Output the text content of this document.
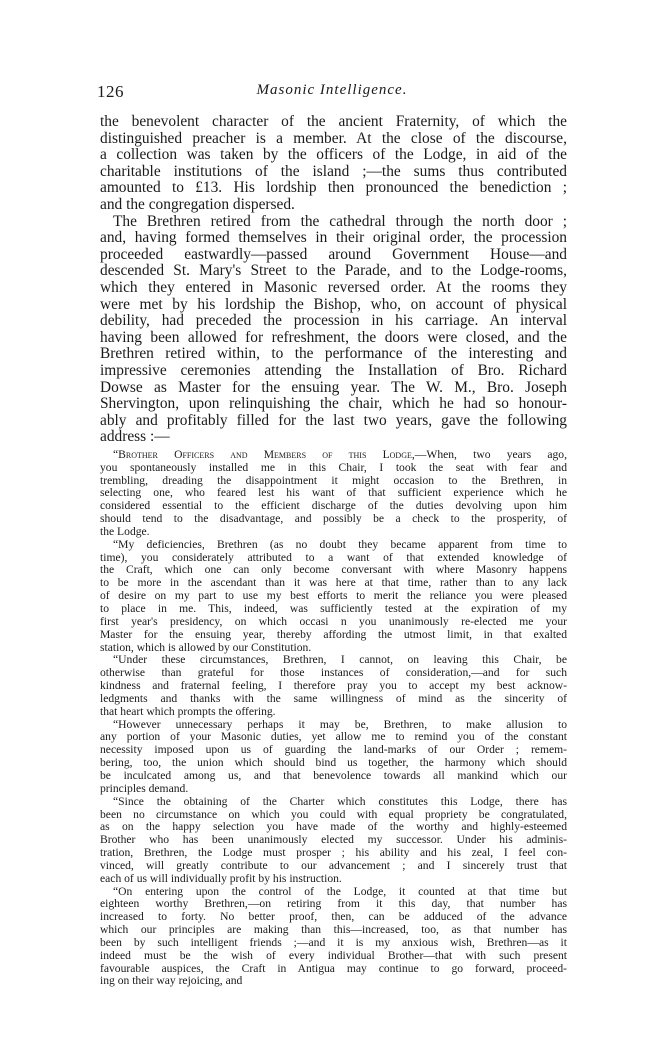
126	Masonic Intelligence.
the benevolent character of the ancient Fraternity, of which the
distinguished preacher is a member. At the close of the discourse,
a collection was taken by the officers of the Lodge, in aid of the
charitable institutions of the island ;—the sums thus contributed
amounted to £13. His lordship then pronounced the benediction ;
and the congregation dispersed.
The Brethren retired from the cathedral through the north door ;
and, having formed themselves in their original order, the procession
proceeded eastwardly—passed around Government House—and
descended St. Mary's Street to the Parade, and to the Lodge-rooms,
which they entered in Masonic reversed order. At the rooms they
were met by his lordship the Bishop, who, on account of physical
debility, had preceded the procession in his carriage. An interval
having been allowed for refreshment, the doors were closed, and the
Brethren retired within, to the performance of the interesting and
impressive ceremonies attending the Installation of Bro. Richard
Dowse as Master for the ensuing year. The W. M., Bro. Joseph
Shervington, upon relinquishing the chair, which he had so honour-
ably and profitably filled for the last two years, gave the following
address :—
“Brother Officers and Members of this Lodge,—When, two years ago,
you spontaneously installed me in this Chair, I took the seat with fear and
trembling, dreading the disappointment it might occasion to the Brethren, in
selecting one, who feared lest his want of that sufficient experience which he
considered essential to the efficient discharge of the duties devolving upon him
should tend to the disadvantage, and possibly be a check to the prosperity, of
the Lodge.
“My deficiencies, Brethren (as no doubt they became apparent from time to
time), you considerately attributed to a want of that extended knowledge of
the Craft, which one can only become conversant with where Masonry happens
to be more in the ascendant than it was here at that time, rather than to any lack
of desire on my part to use my best efforts to merit the reliance you were pleased
to place in me. This, indeed, was sufficiently tested at the expiration of my
first year's presidency, on which occasi n you unanimously re-elected me your
Master for the ensuing year, thereby affording the utmost limit, in that exalted
station, which is allowed by our Constitution.
“Under these circumstances, Brethren, I cannot, on leaving this Chair, be
otherwise than grateful for those instances of consideration,—and for such
kindness and fraternal feeling, I therefore pray you to accept my best acknow-
ledgments and thanks with the same willingness of mind as the sincerity of
that heart which prompts the offering.
“However unnecessary perhaps it may be, Brethren, to make allusion to
any portion of your Masonic duties, yet allow me to remind you of the constant
necessity imposed upon us of guarding the land-marks of our Order ; remem-
bering, too, the union which should bind us together, the harmony which should
be inculcated among us, and that benevolence towards all mankind which our
principles demand.
“Since the obtaining of the Charter which constitutes this Lodge, there has
been no circumstance on which you could with equal propriety be congratulated,
as on the happy selection you have made of the worthy and highly-esteemed
Brother who has been unanimously elected my successor. Under his adminis-
tration, Brethren, the Lodge must prosper ; his ability and his zeal, I feel con-
vinced, will greatly contribute to our advancement ; and I sincerely trust that
each of us will individually profit by his instruction.
“On entering upon the control of the Lodge, it counted at that time but
eighteen worthy Brethren,—on retiring from it this day, that number has
increased to forty. No better proof, then, can be adduced of the advance
which our principles are making than this—increased, too, as that number has
been by such intelligent friends ;—and it is my anxious wish, Brethren—as it
indeed must be the wish of every individual Brother—that with such present
favourable auspices, the Craft in Antigua may continue to go forward, proceed-
ing on their way rejoicing, and
